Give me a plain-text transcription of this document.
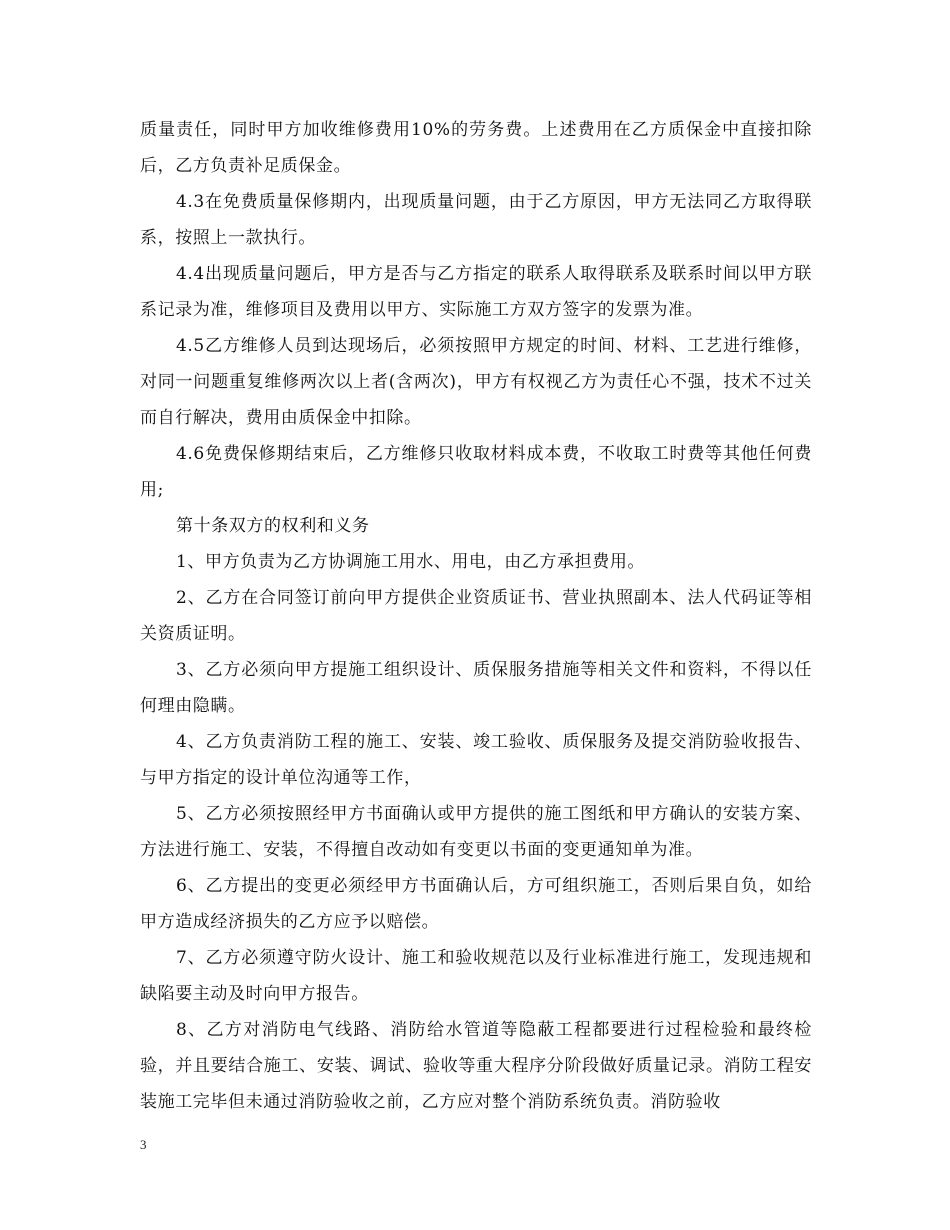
质量责任，同时甲方加收维修费用10%的劳务费。上述费用在乙方质保金中直接扣除后，乙方负责补足质保金。

4.3在免费质量保修期内，出现质量问题，由于乙方原因，甲方无法同乙方取得联系，按照上一款执行。

4.4出现质量问题后，甲方是否与乙方指定的联系人取得联系及联系时间以甲方联系记录为准，维修项目及费用以甲方、实际施工方双方签字的发票为准。

4.5乙方维修人员到达现场后，必须按照甲方规定的时间、材料、工艺进行维修，对同一问题重复维修两次以上者(含两次)，甲方有权视乙方为责任心不强，技术不过关而自行解决，费用由质保金中扣除。

4.6免费保修期结束后，乙方维修只收取材料成本费，不收取工时费等其他任何费用;

第十条双方的权利和义务

1、甲方负责为乙方协调施工用水、用电，由乙方承担费用。

2、乙方在合同签订前向甲方提供企业资质证书、营业执照副本、法人代码证等相关资质证明。

3、乙方必须向甲方提施工组织设计、质保服务措施等相关文件和资料，不得以任何理由隐瞒。

4、乙方负责消防工程的施工、安装、竣工验收、质保服务及提交消防验收报告、与甲方指定的设计单位沟通等工作，

5、乙方必须按照经甲方书面确认或甲方提供的施工图纸和甲方确认的安装方案、方法进行施工、安装，不得擅自改动如有变更以书面的变更通知单为准。

6、乙方提出的变更必须经甲方书面确认后，方可组织施工，否则后果自负，如给甲方造成经济损失的乙方应予以赔偿。

7、乙方必须遵守防火设计、施工和验收规范以及行业标准进行施工，发现违规和缺陷要主动及时向甲方报告。

8、乙方对消防电气线路、消防给水管道等隐蔽工程都要进行过程检验和最终检验，并且要结合施工、安装、调试、验收等重大程序分阶段做好质量记录。消防工程安装施工完毕但未通过消防验收之前，乙方应对整个消防系统负责。消防验收

3
